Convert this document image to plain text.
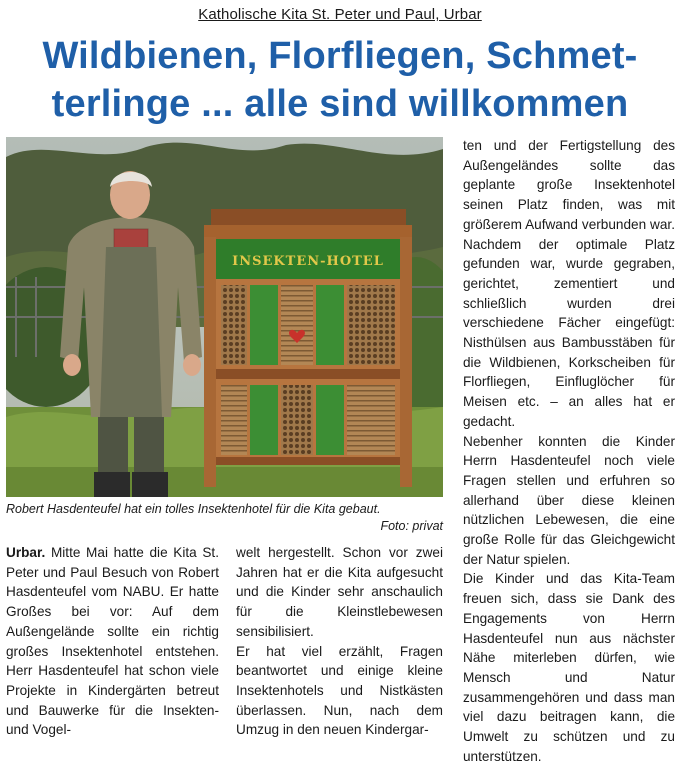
Katholische Kita St. Peter und Paul, Urbar
Wildbienen, Florfliegen, Schmet-
terlinge ... alle sind willkommen
INSEKTEN-HOTEL
Robert Hasdenteufel hat ein tolles Insektenhotel für die Kita gebaut.
Foto: privat

Urbar. Mitte Mai hatte die Kita St. Peter und Paul Besuch von Robert Hasdenteufel vom NABU. Er hatte Großes bei vor: Auf dem Außengelände sollte ein richtig großes Insektenhotel entstehen. Herr Hasdenteufel hat schon viele Projekte in Kindergärten betreut und Bauwerke für die Insekten- und Vogel-

welt hergestellt. Schon vor zwei Jahren hat er die Kita aufgesucht und die Kinder sehr anschaulich für die Kleinstlebewesen sensibilisiert.

Er hat viel erzählt, Fragen beantwortet und einige kleine Insektenhotels und Nistkästen überlassen. Nun, nach dem Umzug in den neuen Kindergar-

ten und der Fertigstellung des Außengeländes sollte das geplante große Insektenhotel seinen Platz finden, was mit größerem Aufwand verbunden war. Nachdem der optimale Platz gefunden war, wurde gegraben, gerichtet, zementiert und schließlich wurden drei verschiedene Fächer eingefügt: Nisthülsen aus Bambusstäben für die Wildbienen, Korkscheiben für Florfliegen, Einfluglöcher für Meisen etc. – an alles hat er gedacht.

Nebenher konnten die Kinder Herrn Hasdenteufel noch viele Fragen stellen und erfuhren so allerhand über diese kleinen nützlichen Lebewesen, die eine große Rolle für das Gleichgewicht der Natur spielen.

Die Kinder und das Kita-Team freuen sich, dass sie Dank des Engagements von Herrn Hasdenteufel nun aus nächster Nähe miterleben dürfen, wie Mensch und Natur zusammengehören und dass man viel dazu beitragen kann, die Umwelt zu schützen und zu unterstützen.
